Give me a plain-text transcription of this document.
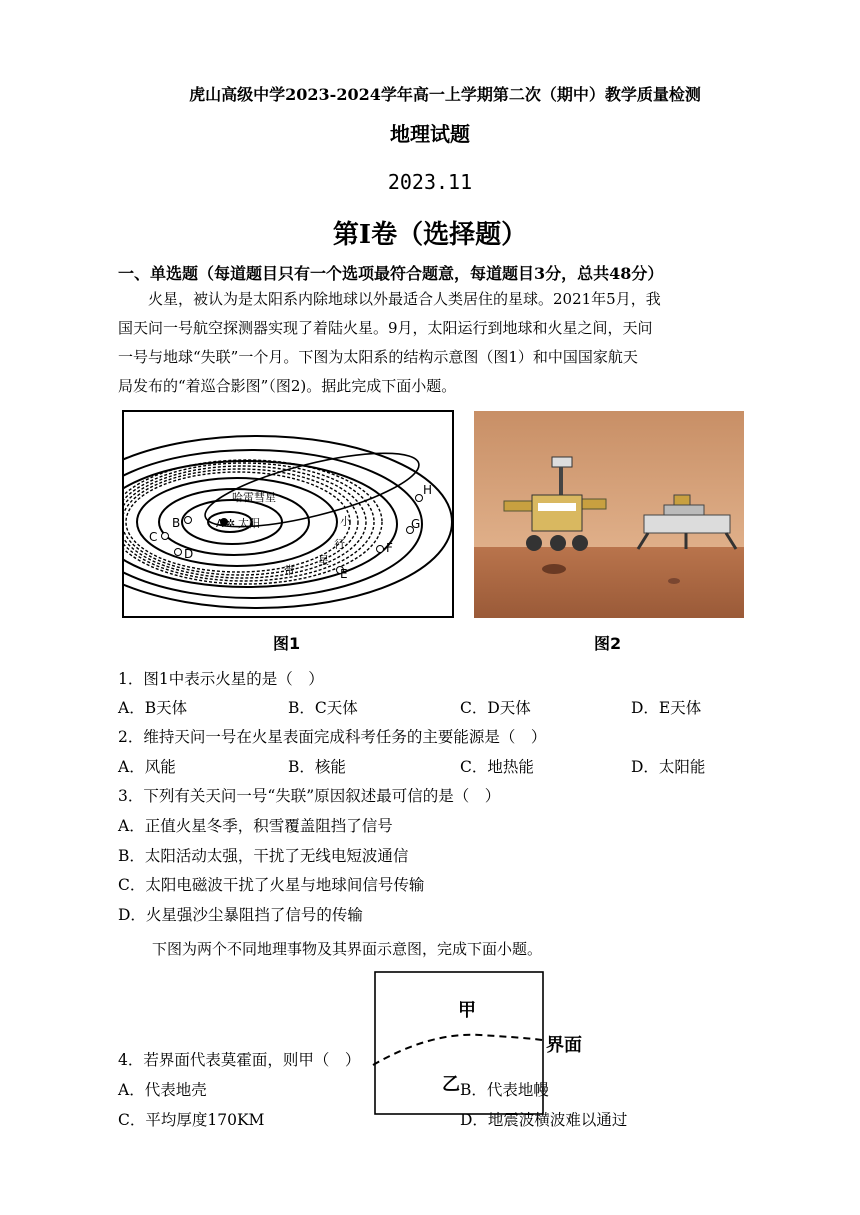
虎山高级中学2023-2024学年高一上学期第二次（期中）教学质量检测
地理试题
2023.11
第Ⅰ卷（选择题）
一、单选题（每道题目只有一个选项最符合题意，每道题目3分，总共48分）
火星，被认为是太阳系内除地球以外最适合人类居住的星球。2021年5月，我
国天问一号航空探测器实现了着陆火星。9月，太阳运行到地球和火星之间，天问
一号与地球“失联”一个月。下图为太阳系的结构示意图（图1）和中国国家航天
局发布的“着巡合影图”（图2)。据此完成下面小题。
A ✲ 太阳
哈雷彗星
B
C
D
E
F
G
H
小
行
星
带
图1	图2
1．图1中表示火星的是（　）
A．B天体	B．C天体	C．D天体	D．E天体
2．维持天问一号在火星表面完成科考任务的主要能源是（　）
A．风能	B．核能	C．地热能	D．太阳能
3．下列有关天问一号“失联”原因叙述最可信的是（　）
A．正值火星冬季，积雪覆盖阻挡了信号
B．太阳活动太强，干扰了无线电短波通信
C．太阳电磁波干扰了火星与地球间信号传输
D．火星强沙尘暴阻挡了信号的传输
下图为两个不同地理事物及其界面示意图，完成下面小题。
甲
界面
乙
4．若界面代表莫霍面，则甲（　）
A．代表地壳	B．代表地幔
C．平均厚度170KM	D．地震波横波难以通过
